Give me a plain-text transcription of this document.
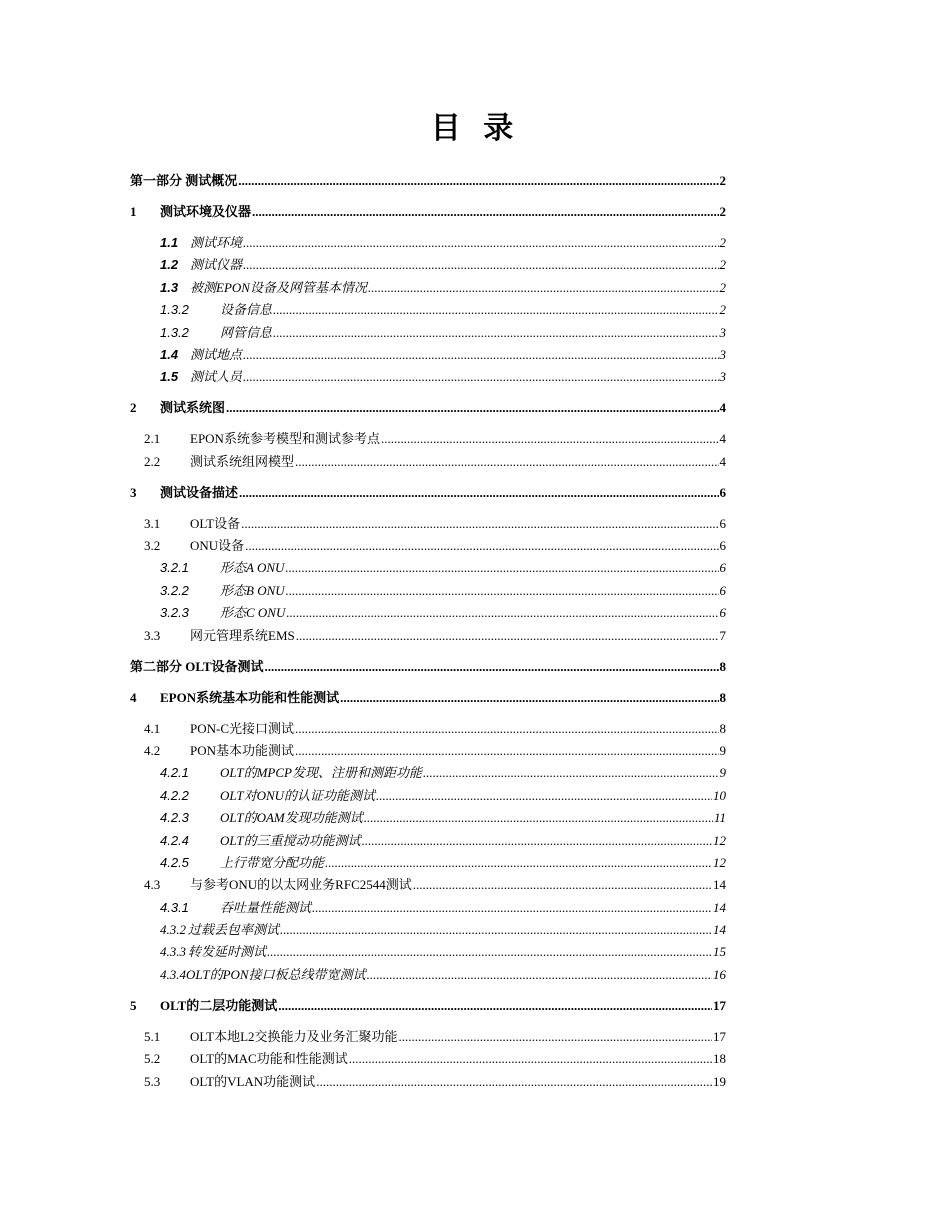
目 录
第一部分 测试概况 .....	2
1	测试环境及仪器 .....	2
1.1 测试环境 .....	2
1.2 测试仪器 .....	2
1.3 被测EPON设备及网管基本情况 .....	2
1.3.2	设备信息 .....	2
1.3.2	网管信息 .....	3
1.4 测试地点 .....	3
1.5 测试人员 .....	3
2	测试系统图 .....	4
2.1	EPON系统参考模型和测试参考点 .....	4
2.2	测试系统组网模型 .....	4
3	测试设备描述 .....	6
3.1	OLT设备 .....	6
3.2	ONU设备 .....	6
3.2.1	形态A ONU .....	6
3.2.2	形态B ONU .....	6
3.2.3	形态C ONU .....	6
3.3	网元管理系统EMS .....	7
第二部分 OLT设备测试 .....	8
4	EPON系统基本功能和性能测试 .....	8
4.1	PON-C光接口测试 .....	8
4.2	PON基本功能测试 .....	9
4.2.1	OLT的MPCP发现、注册和测距功能 .....	9
4.2.2	OLT对ONU的认证功能测试 .....	10
4.2.3	OLT的OAM发现功能测试 .....	11
4.2.4	OLT的三重搅动功能测试 .....	12
4.2.5	上行带宽分配功能 .....	12
4.3	与参考ONU的以太网业务RFC2544测试 .....	14
4.3.1	吞吐量性能测试 .....	14
4.3.2 过载丢包率测试 .....	14
4.3.3 转发延时测试 .....	15
4.3.4 OLT的PON接口板总线带宽测试 .....	16
5	OLT的二层功能测试 .....	17
5.1	OLT本地L2交换能力及业务汇聚功能 .....	17
5.2	OLT的MAC功能和性能测试 .....	18
5.3	OLT的VLAN功能测试 .....	19
